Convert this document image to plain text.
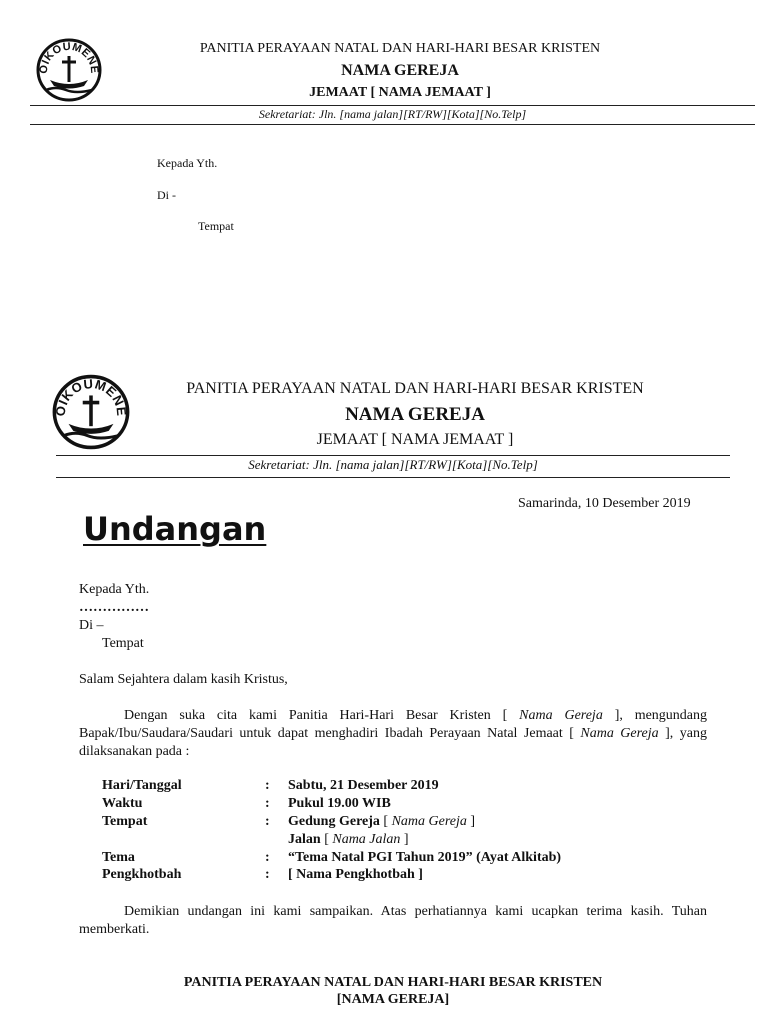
OIKOUMENE
PANITIA PERAYAAN NATAL DAN HARI-HARI BESAR KRISTEN
NAMA GEREJA
JEMAAT [ NAMA JEMAAT ]
Sekretariat: Jln. [nama jalan][RT/RW][Kota][No.Telp]
Kepada Yth.
Di -
Tempat
OIKOUMENE
PANITIA PERAYAAN NATAL DAN HARI-HARI BESAR KRISTEN
NAMA GEREJA
JEMAAT [ NAMA JEMAAT ]
Sekretariat: Jln. [nama jalan][RT/RW][Kota][No.Telp]
Samarinda, 10 Desember 2019
Undangan
Kepada Yth.
……………
Di –
Tempat
Salam Sejahtera dalam kasih Kristus,
Dengan suka cita kami Panitia Hari-Hari Besar Kristen [ Nama Gereja ], mengundang Bapak/Ibu/Saudara/Saudari untuk dapat menghadiri Ibadah Perayaan Natal Jemaat [ Nama Gereja ], yang dilaksanakan pada :
Hari/Tanggal	: Sabtu, 21 Desember 2019
Waktu	: Pukul 19.00 WIB
Tempat	: Gedung Gereja [ Nama Gereja ]
Jalan [ Nama Jalan ]
Tema	: “Tema Natal PGI Tahun 2019” (Ayat Alkitab)
Pengkhotbah	: [ Nama Pengkhotbah ]
Demikian undangan ini kami sampaikan. Atas perhatiannya kami ucapkan terima kasih. Tuhan memberkati.
PANITIA PERAYAAN NATAL DAN HARI-HARI BESAR KRISTEN
[NAMA GEREJA]
